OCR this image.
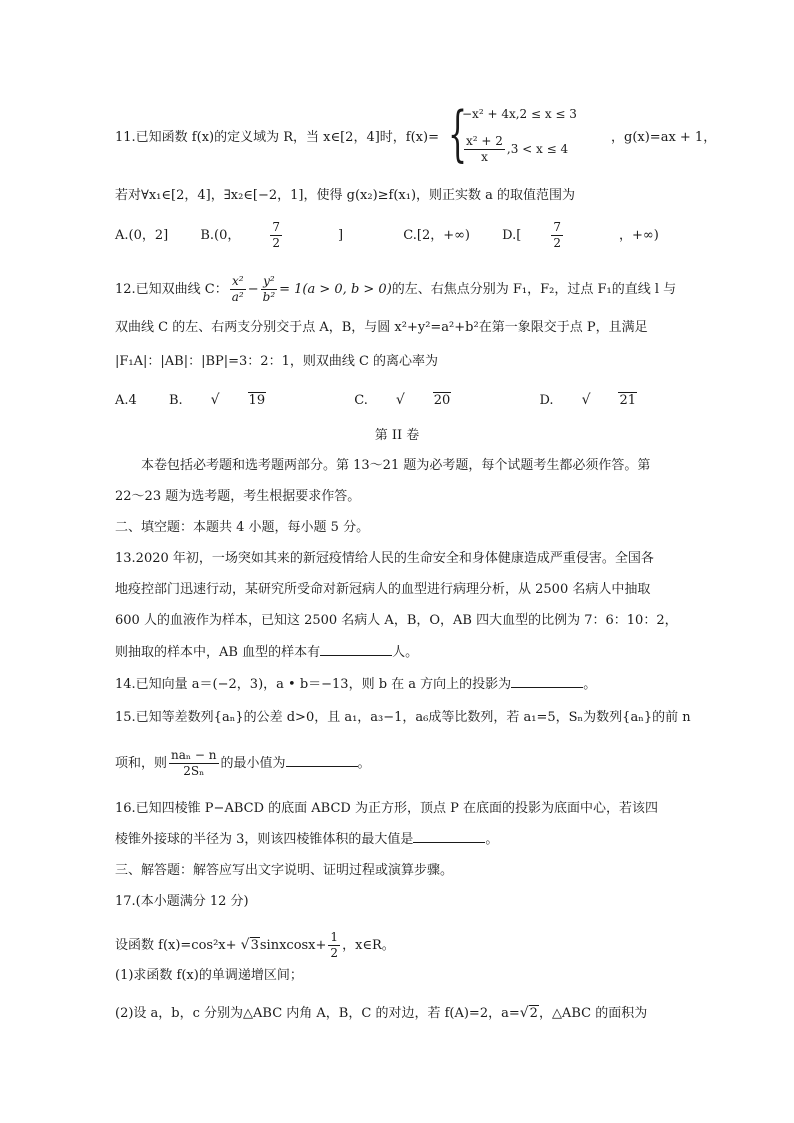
11.已知函数 f(x)的定义域为 R，当 x∈[2，4]时，f(x)= {
−x² + 4x,2 ≤ x ≤ 3
$\frac{\text{x² + 2}}{x} ,3 < x \le 4$
，g(x)=ax + 1，
若对∀x₁∈[2，4]，∃x₂∈[−2，1]，使得 g(x₂)≥f(x₁)，则正实数 a 的取值范围为
A.(0，2] B.(0，	$\frac{7}{2}$ ]	C.[2，+∞) D.[	$\frac{7}{2}$ ，+∞)
12.已知双曲线 C： $\frac{\text{x²}}{\text{a²}} - \frac{\text{y²}}{\text{b²}} = 1(a > 0$, b > 0)的左、右焦点分别为 F₁，F₂，过点 F₁的直线 l 与
双曲线 C 的左、右两支分别交于点 A，B，与圆 x²+y²=a²+b²在第一象限交于点 P，且满足
|F₁A|：|AB|：|BP|=3：2：1，则双曲线 C 的离心率为
A.4 B. √ 19	C. √ 20	D. √ 21
第 II 卷
本卷包括必考题和选考题两部分。第 13～21 题为必考题，每个试题考生都必须作答。第
22～23 题为选考题，考生根据要求作答。
二、填空题：本题共 4 小题，每小题 5 分。
13.2020 年初，一场突如其来的新冠疫情给人民的生命安全和身体健康造成严重侵害。全国各
地疫控部门迅速行动，某研究所受命对新冠病人的血型进行病理分析，从 2500 名病人中抽取
600 人的血液作为样本，已知这 2500 名病人 A，B，O，AB 四大血型的比例为 7：6：10：2，
则抽取的样本中，AB 血型的样本有	人。
14.已知向量 a＝(−2，3)，a • b＝−13，则 b 在 a 方向上的投影为	。
15.已知等差数列{aₙ}的公差 d>0，且 a₁，a₃−1，a₆成等比数列，若 a₁=5，Sₙ为数列{aₙ}的前 n
项和，则 $\frac{\text{naₙ − n}}{\text{2Sₙ}}$ 的最小值为	。
16.已知四棱锥 P−ABCD 的底面 ABCD 为正方形，顶点 P 在底面的投影为底面中心，若该四
棱锥外接球的半径为 3，则该四棱锥体积的最大值是	。
三、解答题：解答应写出文字说明、证明过程或演算步骤。
17.(本小题满分 12 分)
设函数 f(x)=cos²x+ √3sinxcosx+ $\frac{1}{2}$ ，x∈R。
(1)求函数 f(x)的单调递增区间；
(2)设 a，b，c 分别为△ABC 内角 A，B，C 的对边，若 f(A)=2，a=√2，△ABC 的面积为
